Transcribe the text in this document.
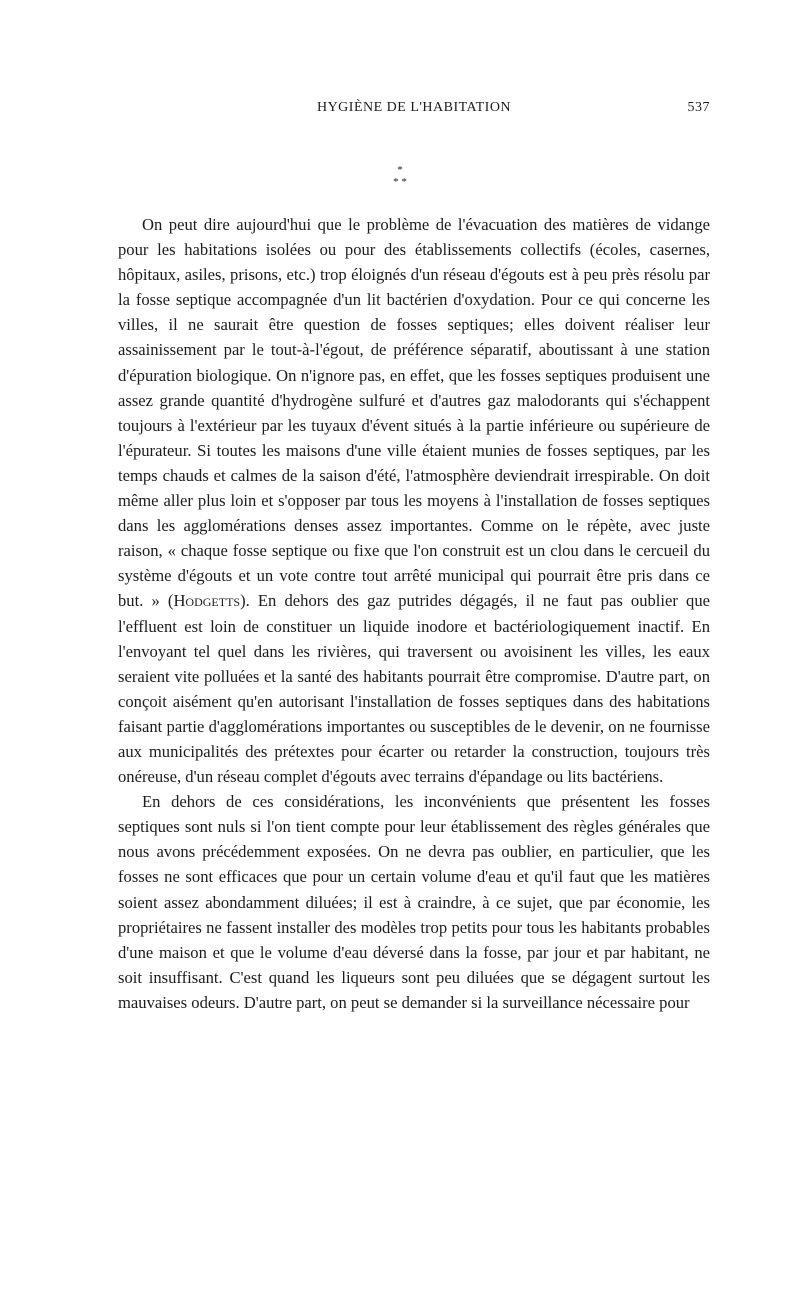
HYGIÈNE DE L'HABITATION	537
*
* *

On peut dire aujourd'hui que le problème de l'évacuation des matières de vidange pour les habitations isolées ou pour des établissements collectifs (écoles, casernes, hôpitaux, asiles, prisons, etc.) trop éloignés d'un réseau d'égouts est à peu près résolu par la fosse septique accompagnée d'un lit bactérien d'oxydation. Pour ce qui concerne les villes, il ne saurait être question de fosses septiques; elles doivent réaliser leur assainissement par le tout-à-l'égout, de préférence séparatif, aboutissant à une station d'épuration biologique. On n'ignore pas, en effet, que les fosses septiques produisent une assez grande quantité d'hydrogène sulfuré et d'autres gaz malodorants qui s'échappent toujours à l'extérieur par les tuyaux d'évent situés à la partie inférieure ou supérieure de l'épurateur. Si toutes les maisons d'une ville étaient munies de fosses septiques, par les temps chauds et calmes de la saison d'été, l'atmosphère deviendrait irrespirable. On doit même aller plus loin et s'opposer par tous les moyens à l'installation de fosses septiques dans les agglomérations denses assez importantes. Comme on le répète, avec juste raison, « chaque fosse septique ou fixe que l'on construit est un clou dans le cercueil du système d'égouts et un vote contre tout arrêté municipal qui pourrait être pris dans ce but. » (Hodgetts). En dehors des gaz putrides dégagés, il ne faut pas oublier que l'effluent est loin de constituer un liquide inodore et bactériologiquement inactif. En l'envoyant tel quel dans les rivières, qui traversent ou avoisinent les villes, les eaux seraient vite polluées et la santé des habitants pourrait être compromise. D'autre part, on conçoit aisément qu'en autorisant l'installation de fosses septiques dans des habitations faisant partie d'agglomérations importantes ou susceptibles de le devenir, on ne fournisse aux municipalités des prétextes pour écarter ou retarder la construction, toujours très onéreuse, d'un réseau complet d'égouts avec terrains d'épandage ou lits bactériens.

En dehors de ces considérations, les inconvénients que présentent les fosses septiques sont nuls si l'on tient compte pour leur établissement des règles générales que nous avons précédemment exposées. On ne devra pas oublier, en particulier, que les fosses ne sont efficaces que pour un certain volume d'eau et qu'il faut que les matières soient assez abondamment diluées; il est à craindre, à ce sujet, que par économie, les propriétaires ne fassent installer des modèles trop petits pour tous les habitants probables d'une maison et que le volume d'eau déversé dans la fosse, par jour et par habitant, ne soit insuffisant. C'est quand les liqueurs sont peu diluées que se dégagent surtout les mauvaises odeurs. D'autre part, on peut se demander si la surveillance nécessaire pour
